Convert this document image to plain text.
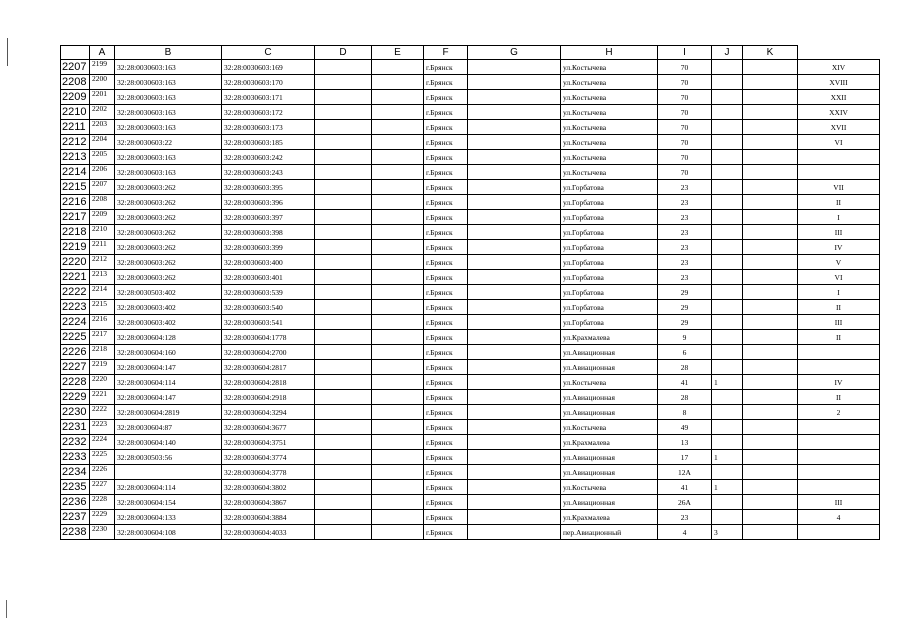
	A	B	C	D	E	F	G	H	I	J	K	
2207	2199	32:28:0030603:163	32:28:0030603:169			г.Брянск		ул.Костычева	70			XIV
2208	2200	32:28:0030603:163	32:28:0030603:170			г.Брянск		ул.Костычева	70			XVIII
2209	2201	32:28:0030603:163	32:28:0030603:171			г.Брянск		ул.Костычева	70			XXII
2210	2202	32:28:0030603:163	32:28:0030603:172			г.Брянск		ул.Костычева	70			XXIV
2211	2203	32:28:0030603:163	32:28:0030603:173			г.Брянск		ул.Костычева	70			XVII
2212	2204	32:28:0030603:22	32:28:0030603:185			г.Брянск		ул.Костычева	70			VI
2213	2205	32:28:0030603:163	32:28:0030603:242			г.Брянск		ул.Костычева	70			
2214	2206	32:28:0030603:163	32:28:0030603:243			г.Брянск		ул.Костычева	70			
2215	2207	32:28:0030603:262	32:28:0030603:395			г.Брянск		ул.Горбатова	23			VII
2216	2208	32:28:0030603:262	32:28:0030603:396			г.Брянск		ул.Горбатова	23			II
2217	2209	32:28:0030603:262	32:28:0030603:397			г.Брянск		ул.Горбатова	23			I
2218	2210	32:28:0030603:262	32:28:0030603:398			г.Брянск		ул.Горбатова	23			III
2219	2211	32:28:0030603:262	32:28:0030603:399			г.Брянск		ул.Горбатова	23			IV
2220	2212	32:28:0030603:262	32:28:0030603:400			г.Брянск		ул.Горбатова	23			V
2221	2213	32:28:0030603:262	32:28:0030603:401			г.Брянск		ул.Горбатова	23			VI
2222	2214	32:28:0030503:402	32:28:0030603:539			г.Брянск		ул.Горбатова	29			I
2223	2215	32:28:0030603:402	32:28:0030603:540			г.Брянск		ул.Горбатова	29			II
2224	2216	32:28:0030603:402	32:28:0030603:541			г.Брянск		ул.Горбатова	29			III
2225	2217	32:28:0030604:128	32:28:0030604:1778			г.Брянск		ул.Крахмалева	9			II
2226	2218	32:28:0030604:160	32:28:0030604:2700			г.Брянск		ул.Авиационная	6			
2227	2219	32:28:0030604:147	32:28:0030604:2817			г.Брянск		ул.Авиационная	28			
2228	2220	32:28:0030604:114	32:28:0030604:2818			г.Брянск		ул.Костычева	41	1		IV
2229	2221	32:28:0030604:147	32:28:0030604:2918			г.Брянск		ул.Авиационная	28			II
2230	2222	32:28:0030604:2819	32:28:0030604:3294			г.Брянск		ул.Авиационная	8			2
2231	2223	32:28:0030604:87	32:28:0030604:3677			г.Брянск		ул.Костычева	49			
2232	2224	32:28:0030604:140	32:28:0030604:3751			г.Брянск		ул.Крахмалева	13			
2233	2225	32:28:0030503:56	32:28:0030604:3774			г.Брянск		ул.Авиационная	17	1		
2234	2226		32:28:0030604:3778			г.Брянск		ул.Авиационная	12А			
2235	2227	32:28:0030604:114	32:28:0030604:3802			г.Брянск		ул.Костычева	41	1		
2236	2228	32:28:0030604:154	32:28:0030604:3867			г.Брянск		ул.Авиационная	26А			III
2237	2229	32:28:0030604:133	32:28:0030604:3884			г.Брянск		ул.Крахмалева	23			4
2238	2230	32:28:0030604:108	32:28:0030604:4033			г.Брянск		пер.Авиационный	4	3		
